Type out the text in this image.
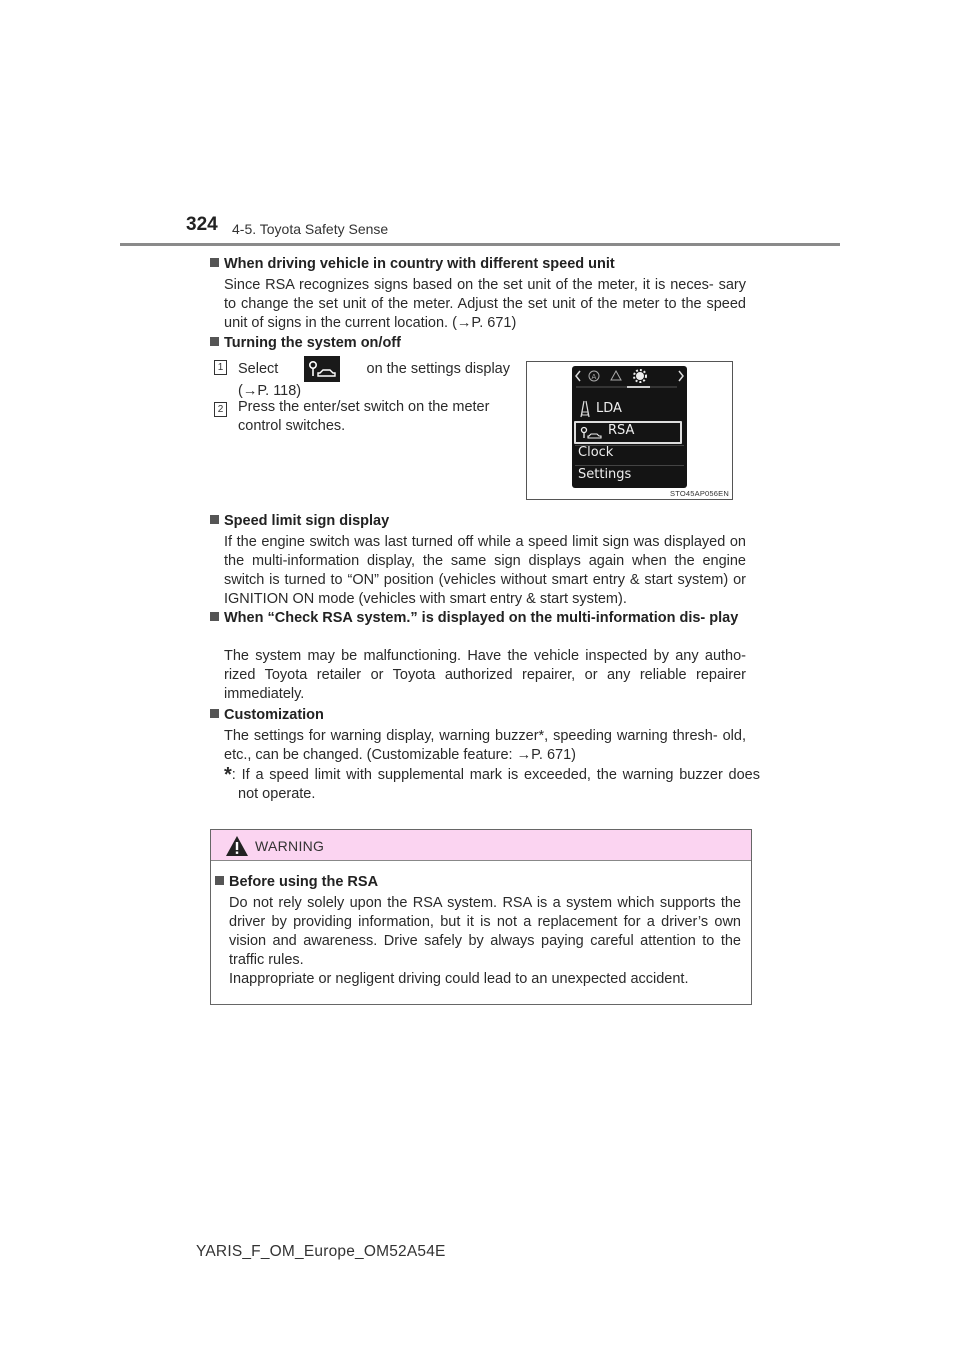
324 4-5. Toyota Safety Sense
When driving vehicle in country with different speed unit
Since RSA recognizes signs based on the set unit of the meter, it is neces- sary to change the set unit of the meter. Adjust the set unit of the meter to the speed unit of signs in the current location. (→P. 671)
Turning the system on/off
1 Select	on the settings display
(→P. 118)
2 Press the enter/set switch on the meter control switches.
A
LDA
RSA
Clock
Settings
STO45AP056EN
Speed limit sign display
If the engine switch was last turned off while a speed limit sign was displayed on the multi-information display, the same sign displays again when the engine switch is turned to “ON” position (vehicles without smart entry & start system) or IGNITION ON mode (vehicles with smart entry & start system).
When “Check RSA system.” is displayed on the multi-information dis- play
The system may be malfunctioning. Have the vehicle inspected by any autho- rized Toyota retailer or Toyota authorized repairer, or any reliable repairer immediately.
Customization
The settings for warning display, warning buzzer*, speeding warning thresh- old, etc., can be changed. (Customizable feature: →P. 671)
*: If a speed limit with supplemental mark is exceeded, the warning buzzer does not operate.
WARNING
Before using the RSA
Do not rely solely upon the RSA system. RSA is a system which supports the driver by providing information, but it is not a replacement for a driver’s own vision and awareness. Drive safely by always paying careful attention to the traffic rules.
Inappropriate or negligent driving could lead to an unexpected accident.
YARIS_F_OM_Europe_OM52A54E
